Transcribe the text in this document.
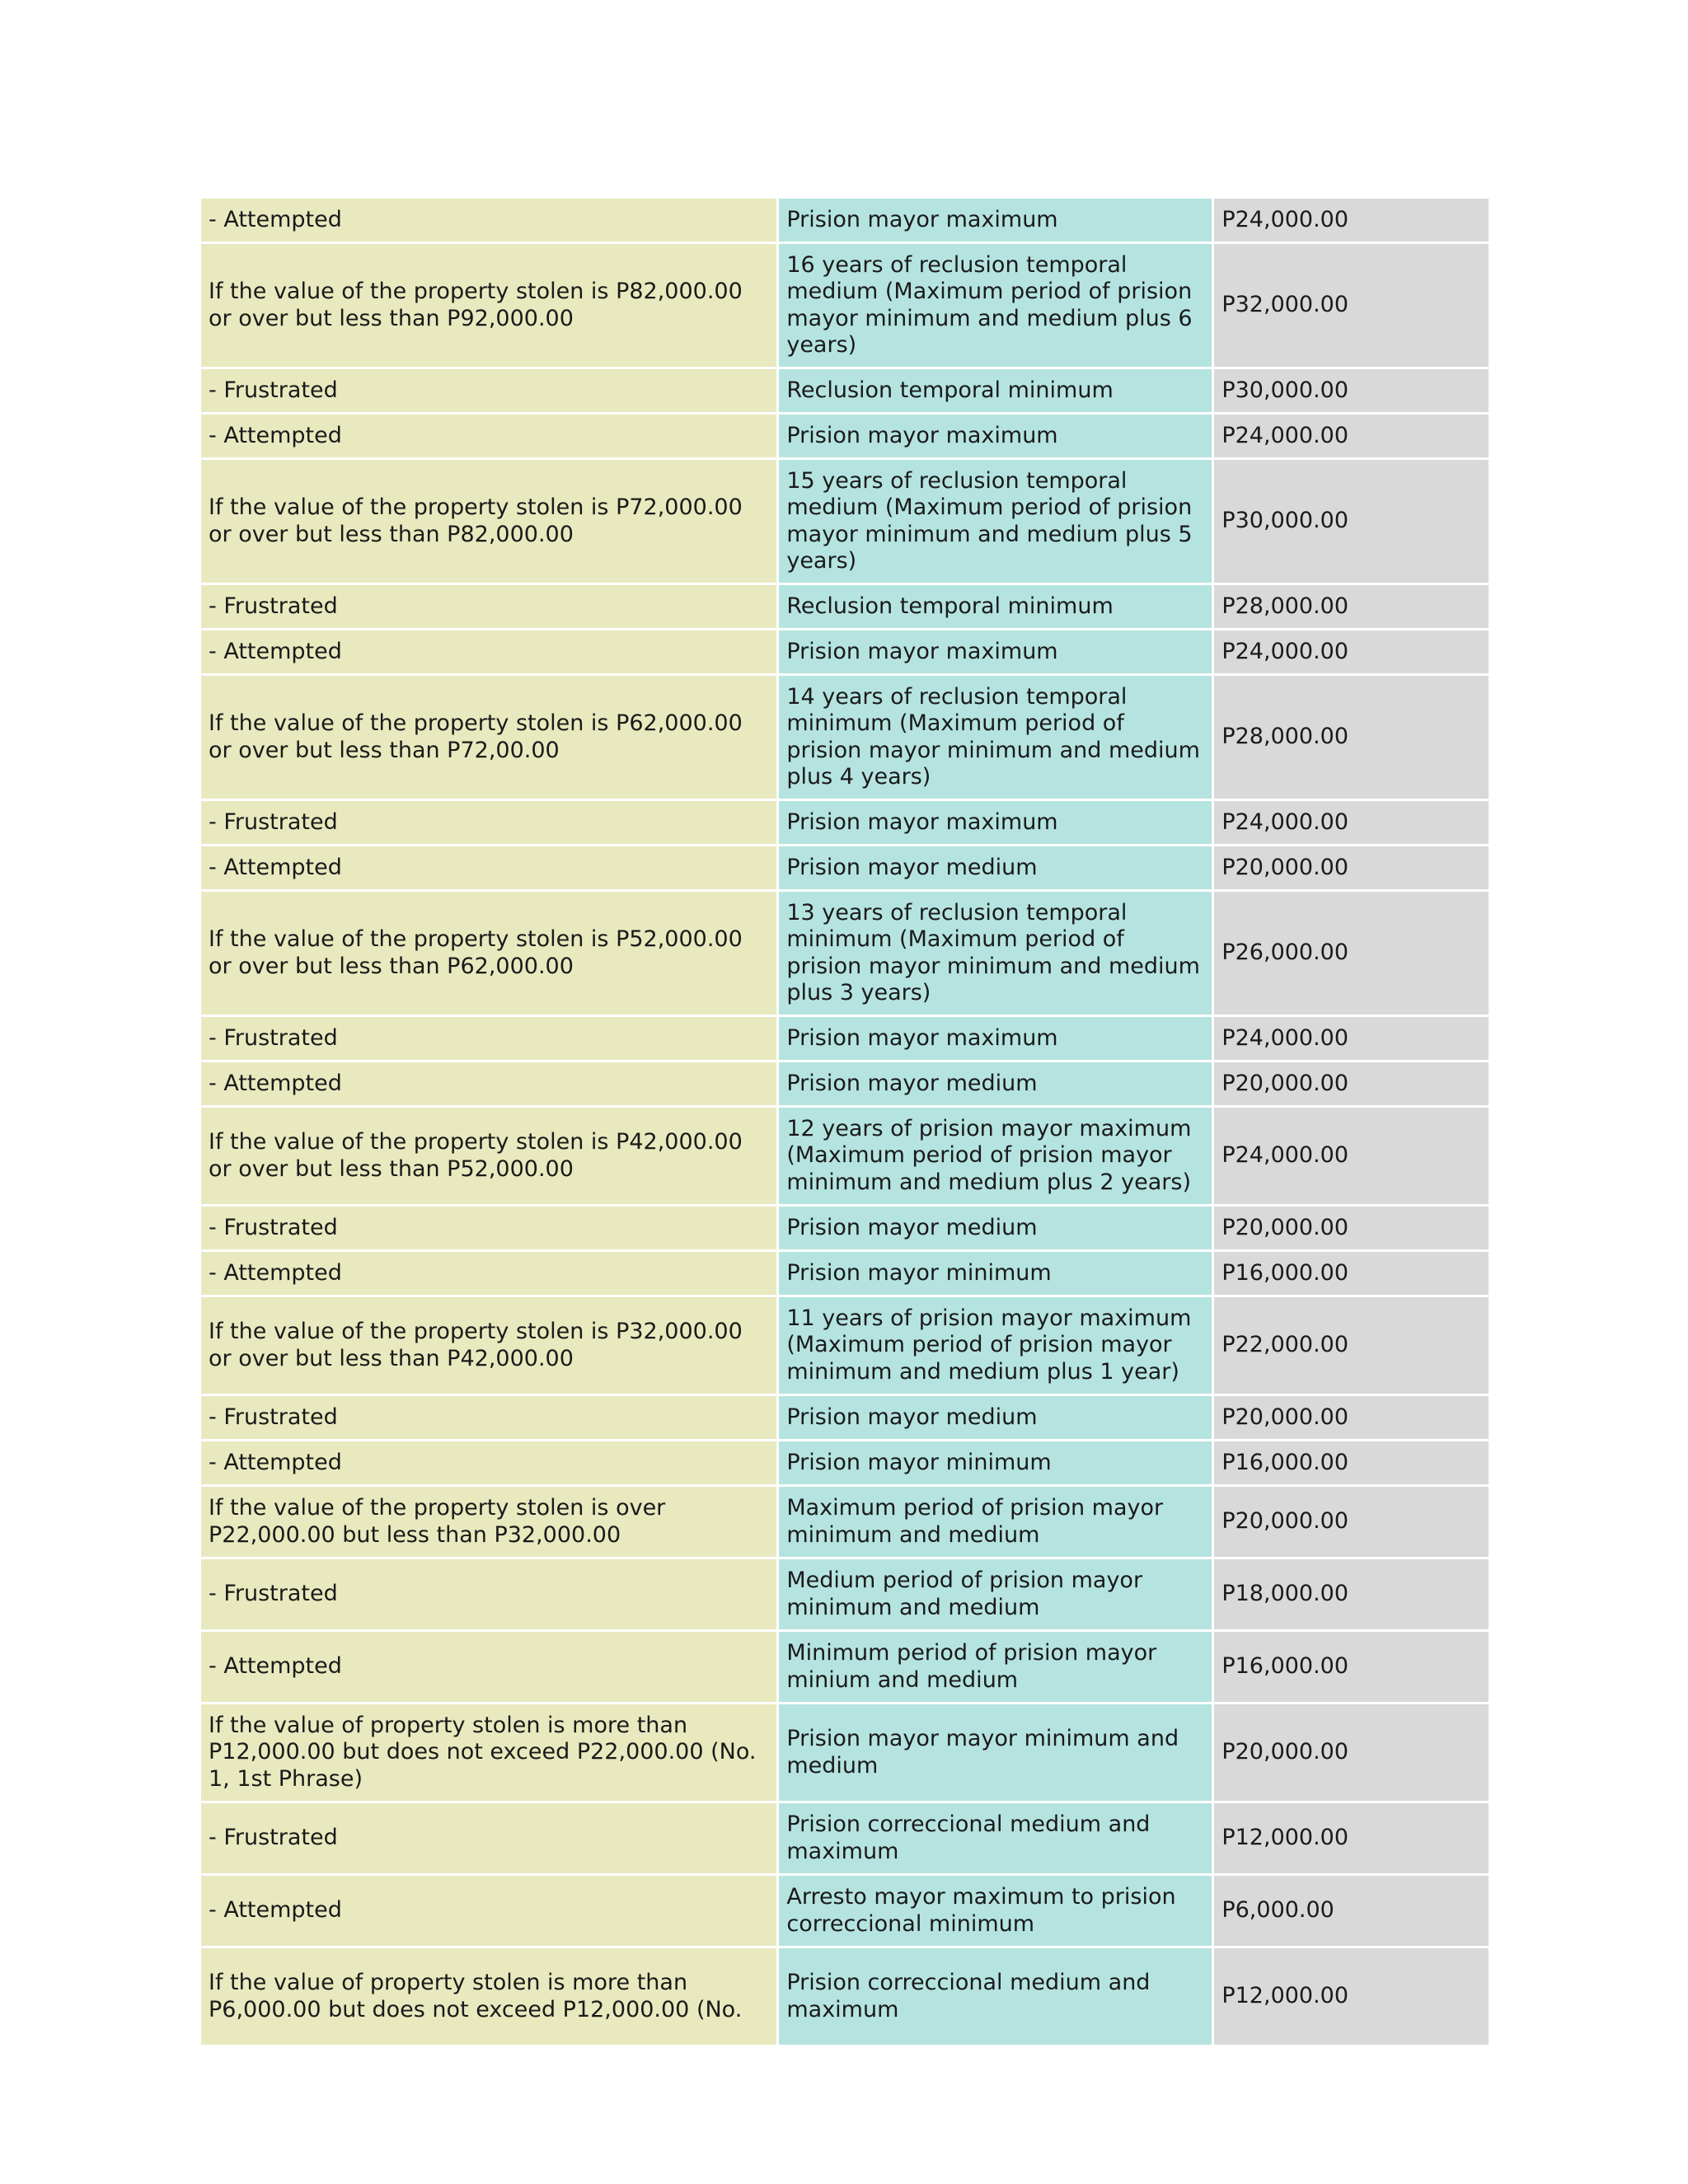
- Attempted	Prision mayor maximum	P24,000.00
If the value of the property stolen is P82,000.00 or over but less than P92,000.00	16 years of reclusion temporal medium (Maximum period of prision mayor minimum and medium plus 6 years)	P32,000.00
- Frustrated	Reclusion temporal minimum	P30,000.00
- Attempted	Prision mayor maximum	P24,000.00
If the value of the property stolen is P72,000.00 or over but less than P82,000.00	15 years of reclusion temporal medium (Maximum period of prision mayor minimum and medium plus 5 years)	P30,000.00
- Frustrated	Reclusion temporal minimum	P28,000.00
- Attempted	Prision mayor maximum	P24,000.00
If the value of the property stolen is P62,000.00 or over but less than P72,00.00	14 years of reclusion temporal minimum (Maximum period of prision mayor minimum and medium plus 4 years)	P28,000.00
- Frustrated	Prision mayor maximum	P24,000.00
- Attempted	Prision mayor medium	P20,000.00
If the value of the property stolen is P52,000.00 or over but less than P62,000.00	13 years of reclusion temporal minimum (Maximum period of prision mayor minimum and medium plus 3 years)	P26,000.00
- Frustrated	Prision mayor maximum	P24,000.00
- Attempted	Prision mayor medium	P20,000.00
If the value of the property stolen is P42,000.00 or over but less than P52,000.00	12 years of prision mayor maximum (Maximum period of prision mayor minimum and medium plus 2 years)	P24,000.00
- Frustrated	Prision mayor medium	P20,000.00
- Attempted	Prision mayor minimum	P16,000.00
If the value of the property stolen is P32,000.00 or over but less than P42,000.00	11 years of prision mayor maximum (Maximum period of prision mayor minimum and medium plus 1 year)	P22,000.00
- Frustrated	Prision mayor medium	P20,000.00
- Attempted	Prision mayor minimum	P16,000.00
If the value of the property stolen is over P22,000.00 but less than P32,000.00	Maximum period of prision mayor minimum and medium	P20,000.00
- Frustrated	Medium period of prision mayor minimum and medium	P18,000.00
- Attempted	Minimum period of prision mayor minium and medium	P16,000.00
If the value of property stolen is more than P12,000.00 but does not exceed P22,000.00 (No. 1, 1st Phrase)	Prision mayor mayor minimum and medium	P20,000.00
- Frustrated	Prision correccional medium and maximum	P12,000.00
- Attempted	Arresto mayor maximum to prision correccional minimum	P6,000.00
If the value of property stolen is more than P6,000.00 but does not exceed P12,000.00 (No.	Prision correccional medium and maximum	P12,000.00
